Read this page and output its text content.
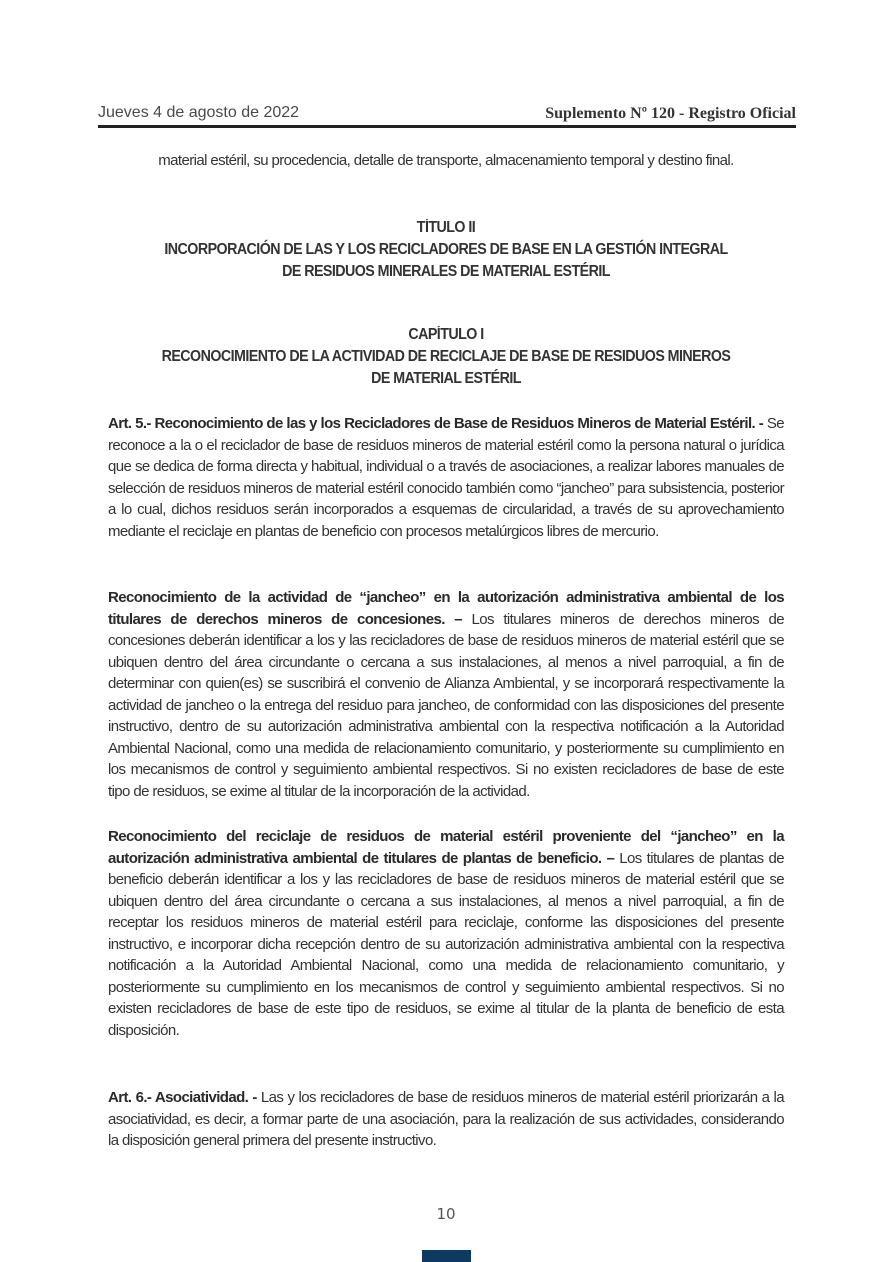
Jueves 4 de agosto de 2022	Suplemento Nº 120 - Registro Oficial
material estéril, su procedencia, detalle de transporte, almacenamiento temporal y destino final.
TÍTULO II
INCORPORACIÓN DE LAS Y LOS RECICLADORES DE BASE EN LA GESTIÓN INTEGRAL DE RESIDUOS MINERALES DE MATERIAL ESTÉRIL
CAPÍTULO I
RECONOCIMIENTO DE LA ACTIVIDAD DE RECICLAJE DE BASE DE RESIDUOS MINEROS DE MATERIAL ESTÉRIL
Art. 5.- Reconocimiento de las y los Recicladores de Base de Residuos Mineros de Material Estéril. - Se reconoce a la o el reciclador de base de residuos mineros de material estéril como la persona natural o jurídica que se dedica de forma directa y habitual, individual o a través de asociaciones, a realizar labores manuales de selección de residuos mineros de material estéril conocido también como “jancheo” para subsistencia, posterior a lo cual, dichos residuos serán incorporados a esquemas de circularidad, a través de su aprovechamiento mediante el reciclaje en plantas de beneficio con procesos metalúrgicos libres de mercurio.
Reconocimiento de la actividad de “jancheo” en la autorización administrativa ambiental de los titulares de derechos mineros de concesiones. – Los titulares mineros de derechos mineros de concesiones deberán identificar a los y las recicladores de base de residuos mineros de material estéril que se ubiquen dentro del área circundante o cercana a sus instalaciones, al menos a nivel parroquial, a fin de determinar con quien(es) se suscribirá el convenio de Alianza Ambiental, y se incorporará respectivamente la actividad de jancheo o la entrega del residuo para jancheo, de conformidad con las disposiciones del presente instructivo, dentro de su autorización administrativa ambiental con la respectiva notificación a la Autoridad Ambiental Nacional, como una medida de relacionamiento comunitario, y posteriormente su cumplimiento en los mecanismos de control y seguimiento ambiental respectivos. Si no existen recicladores de base de este tipo de residuos, se exime al titular de la incorporación de la actividad.
Reconocimiento del reciclaje de residuos de material estéril proveniente del “jancheo” en la autorización administrativa ambiental de titulares de plantas de beneficio. – Los titulares de plantas de beneficio deberán identificar a los y las recicladores de base de residuos mineros de material estéril que se ubiquen dentro del área circundante o cercana a sus instalaciones, al menos a nivel parroquial, a fin de receptar los residuos mineros de material estéril para reciclaje, conforme las disposiciones del presente instructivo, e incorporar dicha recepción dentro de su autorización administrativa ambiental con la respectiva notificación a la Autoridad Ambiental Nacional, como una medida de relacionamiento comunitario, y posteriormente su cumplimiento en los mecanismos de control y seguimiento ambiental respectivos. Si no existen recicladores de base de este tipo de residuos, se exime al titular de la planta de beneficio de esta disposición.
Art. 6.- Asociatividad. - Las y los recicladores de base de residuos mineros de material estéril priorizarán a la asociatividad, es decir, a formar parte de una asociación, para la realización de sus actividades, considerando la disposición general primera del presente instructivo.
10
